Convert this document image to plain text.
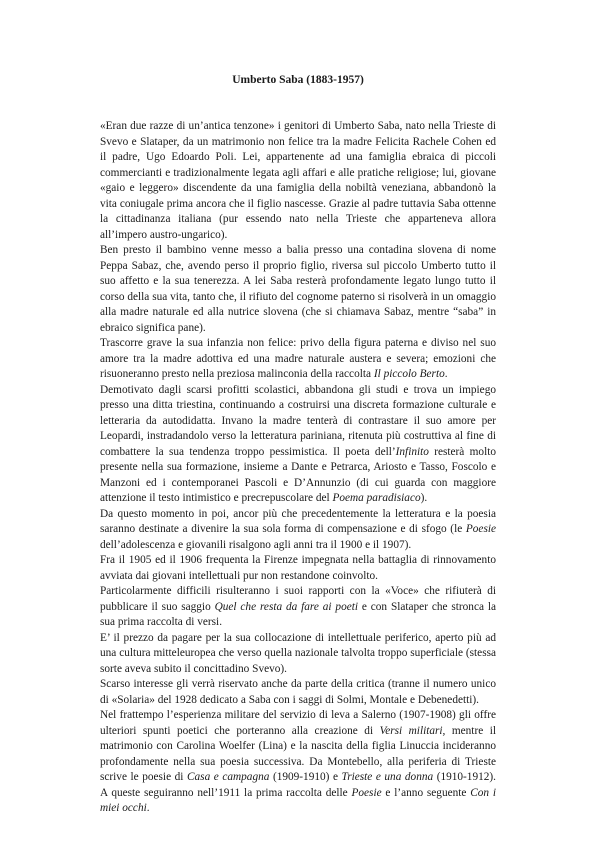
Umberto Saba (1883-1957)

«Eran due razze di un’antica tenzone» i genitori di Umberto Saba, nato nella Trieste di Svevo e Slataper, da un matrimonio non felice tra la madre Felicita Rachele Cohen ed il padre, Ugo Edoardo Poli. Lei, appartenente ad una famiglia ebraica di piccoli commercianti e tradizionalmente legata agli affari e alle pratiche religiose; lui, giovane «gaio e leggero» discendente da una famiglia della nobiltà veneziana, abbandonò la vita coniugale prima ancora che il figlio nascesse. Grazie al padre tuttavia Saba ottenne la cittadinanza italiana (pur essendo nato nella Trieste che apparteneva allora all’impero austro-ungarico).

Ben presto il bambino venne messo a balia presso una contadina slovena di nome Peppa Sabaz, che, avendo perso il proprio figlio, riversa sul piccolo Umberto tutto il suo affetto e la sua tenerezza. A lei Saba resterà profondamente legato lungo tutto il corso della sua vita, tanto che, il rifiuto del cognome paterno si risolverà in un omaggio alla madre naturale ed alla nutrice slovena (che si chiamava Sabaz, mentre “saba” in ebraico significa pane).

Trascorre grave la sua infanzia non felice: privo della figura paterna e diviso nel suo amore tra la madre adottiva ed una madre naturale austera e severa; emozioni che risuoneranno presto nella preziosa malinconia della raccolta Il piccolo Berto.

Demotivato dagli scarsi profitti scolastici, abbandona gli studi e trova un impiego presso una ditta triestina, continuando a costruirsi una discreta formazione culturale e letteraria da autodidatta. Invano la madre tenterà di contrastare il suo amore per Leopardi, instradandolo verso la letteratura pariniana, ritenuta più costruttiva al fine di combattere la sua tendenza troppo pessimistica. Il poeta dell’Infinito resterà molto presente nella sua formazione, insieme a Dante e Petrarca, Ariosto e Tasso, Foscolo e Manzoni ed i contemporanei Pascoli e D’Annunzio (di cui guarda con maggiore attenzione il testo intimistico e precrepuscolare del Poema paradisiaco).

Da questo momento in poi, ancor più che precedentemente la letteratura e la poesia saranno destinate a divenire la sua sola forma di compensazione e di sfogo (le Poesie dell’adolescenza e giovanili risalgono agli anni tra il 1900 e il 1907).

Fra il 1905 ed il 1906 frequenta la Firenze impegnata nella battaglia di rinnovamento avviata dai giovani intellettuali pur non restandone coinvolto.

Particolarmente difficili risulteranno i suoi rapporti con la «Voce» che rifiuterà di pubblicare il suo saggio Quel che resta da fare ai poeti e con Slataper che stronca la sua prima raccolta di versi.

E’ il prezzo da pagare per la sua collocazione di intellettuale periferico, aperto più ad una cultura mitteleuropea che verso quella nazionale talvolta troppo superficiale (stessa sorte aveva subito il concittadino Svevo).

Scarso interesse gli verrà riservato anche da parte della critica (tranne il numero unico di «Solaria» del 1928 dedicato a Saba con i saggi di Solmi, Montale e Debenedetti).

Nel frattempo l’esperienza militare del servizio di leva a Salerno (1907-1908) gli offre ulteriori spunti poetici che porteranno alla creazione di Versi militari, mentre il matrimonio con Carolina Woelfer (Lina) e la nascita della figlia Linuccia incideranno profondamente nella sua poesia successiva. Da Montebello, alla periferia di Trieste scrive le poesie di Casa e campagna (1909-1910) e Trieste e una donna (1910-1912). A queste seguiranno nell’1911 la prima raccolta delle Poesie e l’anno seguente Con i miei occhi.
